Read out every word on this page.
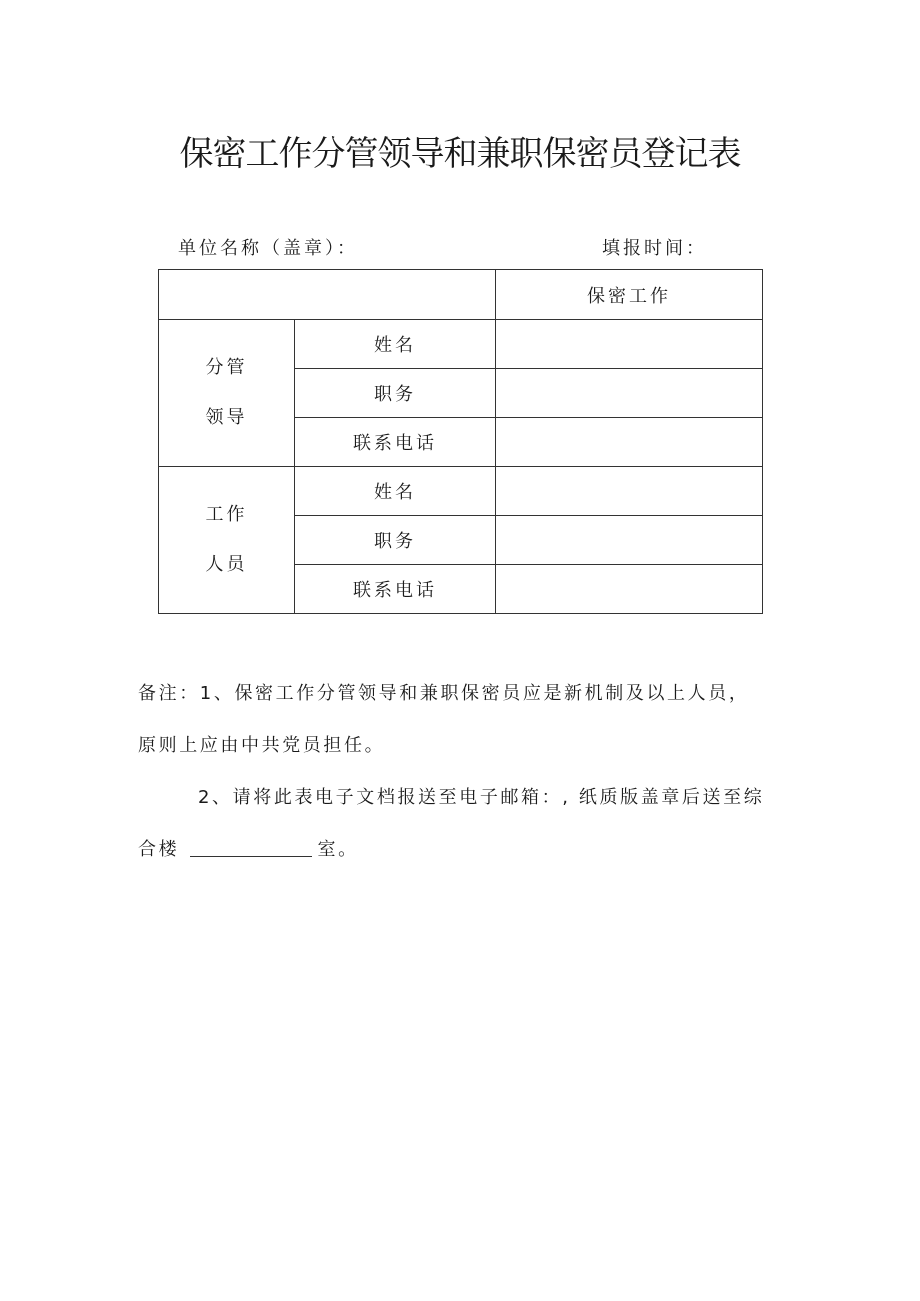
保密工作分管领导和兼职保密员登记表
单位名称（盖章）：	填报时间：
		保密工作

分管
领导	姓名	
	职务	
	联系电话	

工作
人员	姓名	
	职务	
	联系电话	

备注：1、保密工作分管领导和兼职保密员应是新机制及以上人员，

原则上应由中共党员担任。

2、请将此表电子文档报送至电子邮箱：, 纸质版盖章后送至综

合楼	室。
